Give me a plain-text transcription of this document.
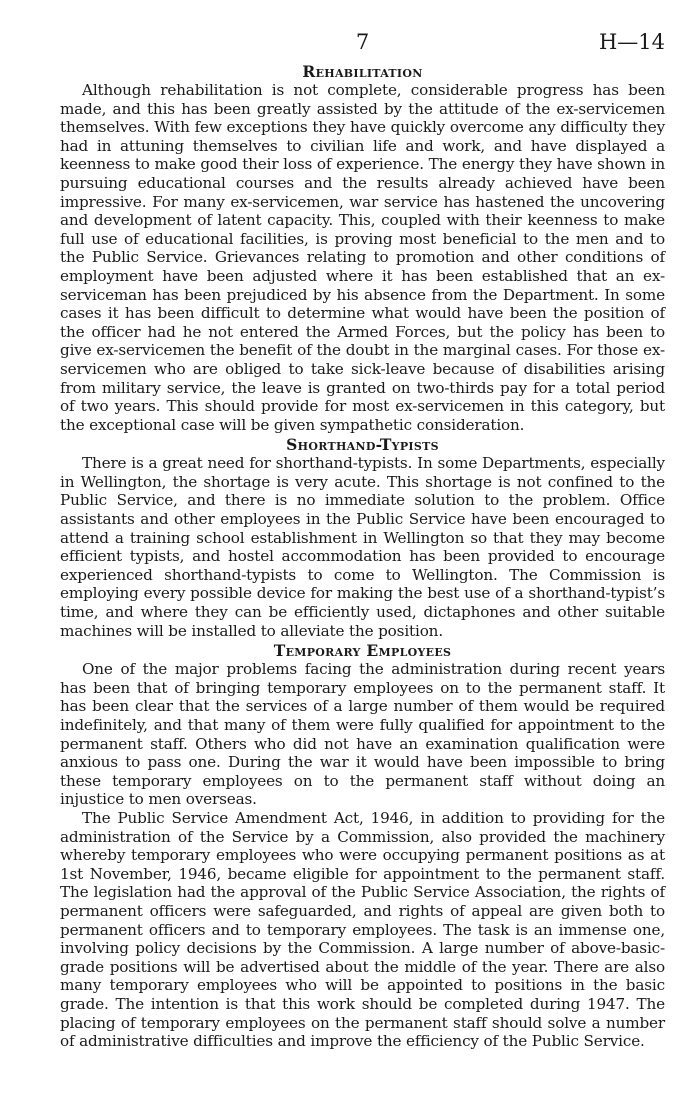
7	H—14
Rehabilitation

Although rehabilitation is not complete, considerable progress has been made, and this has been greatly assisted by the attitude of the ex-servicemen themselves. With few exceptions they have quickly overcome any difficulty they had in attuning themselves to civilian life and work, and have displayed a keenness to make good their loss of experience. The energy they have shown in pursuing educational courses and the results already achieved have been impressive. For many ex-servicemen, war service has hastened the uncovering and development of latent capacity. This, coupled with their keenness to make full use of educational facilities, is proving most beneficial to the men and to the Public Service. Grievances relating to promotion and other conditions of employment have been adjusted where it has been established that an ex-serviceman has been prejudiced by his absence from the Department. In some cases it has been difficult to determine what would have been the position of the officer had he not entered the Armed Forces, but the policy has been to give ex-servicemen the benefit of the doubt in the marginal cases. For those ex-servicemen who are obliged to take sick-leave because of disabilities arising from military service, the leave is granted on two-thirds pay for a total period of two years. This should provide for most ex-servicemen in this category, but the exceptional case will be given sympathetic consideration.

Shorthand-Typists

There is a great need for shorthand-typists. In some Departments, especially in Wellington, the shortage is very acute. This shortage is not confined to the Public Service, and there is no immediate solution to the problem. Office assistants and other employees in the Public Service have been encouraged to attend a training school establishment in Wellington so that they may become efficient typists, and hostel accommodation has been provided to encourage experienced shorthand-typists to come to Wellington. The Commission is employing every possible device for making the best use of a shorthand-typist’s time, and where they can be efficiently used, dictaphones and other suitable machines will be installed to alleviate the position.

Temporary Employees

One of the major problems facing the administration during recent years has been that of bringing temporary employees on to the permanent staff. It has been clear that the services of a large number of them would be required indefinitely, and that many of them were fully qualified for appointment to the permanent staff. Others who did not have an examination qualification were anxious to pass one. During the war it would have been impossible to bring these temporary employees on to the permanent staff without doing an injustice to men overseas.

The Public Service Amendment Act, 1946, in addition to providing for the administration of the Service by a Commission, also provided the machinery whereby temporary employees who were occupying permanent positions as at 1st November, 1946, became eligible for appointment to the permanent staff. The legislation had the approval of the Public Service Association, the rights of permanent officers were safeguarded, and rights of appeal are given both to permanent officers and to temporary employees. The task is an immense one, involving policy decisions by the Commission. A large number of above-basic-grade positions will be advertised about the middle of the year. There are also many temporary employees who will be appointed to positions in the basic grade. The intention is that this work should be completed during 1947. The placing of temporary employees on the permanent staff should solve a number of administrative difficulties and improve the efficiency of the Public Service.
